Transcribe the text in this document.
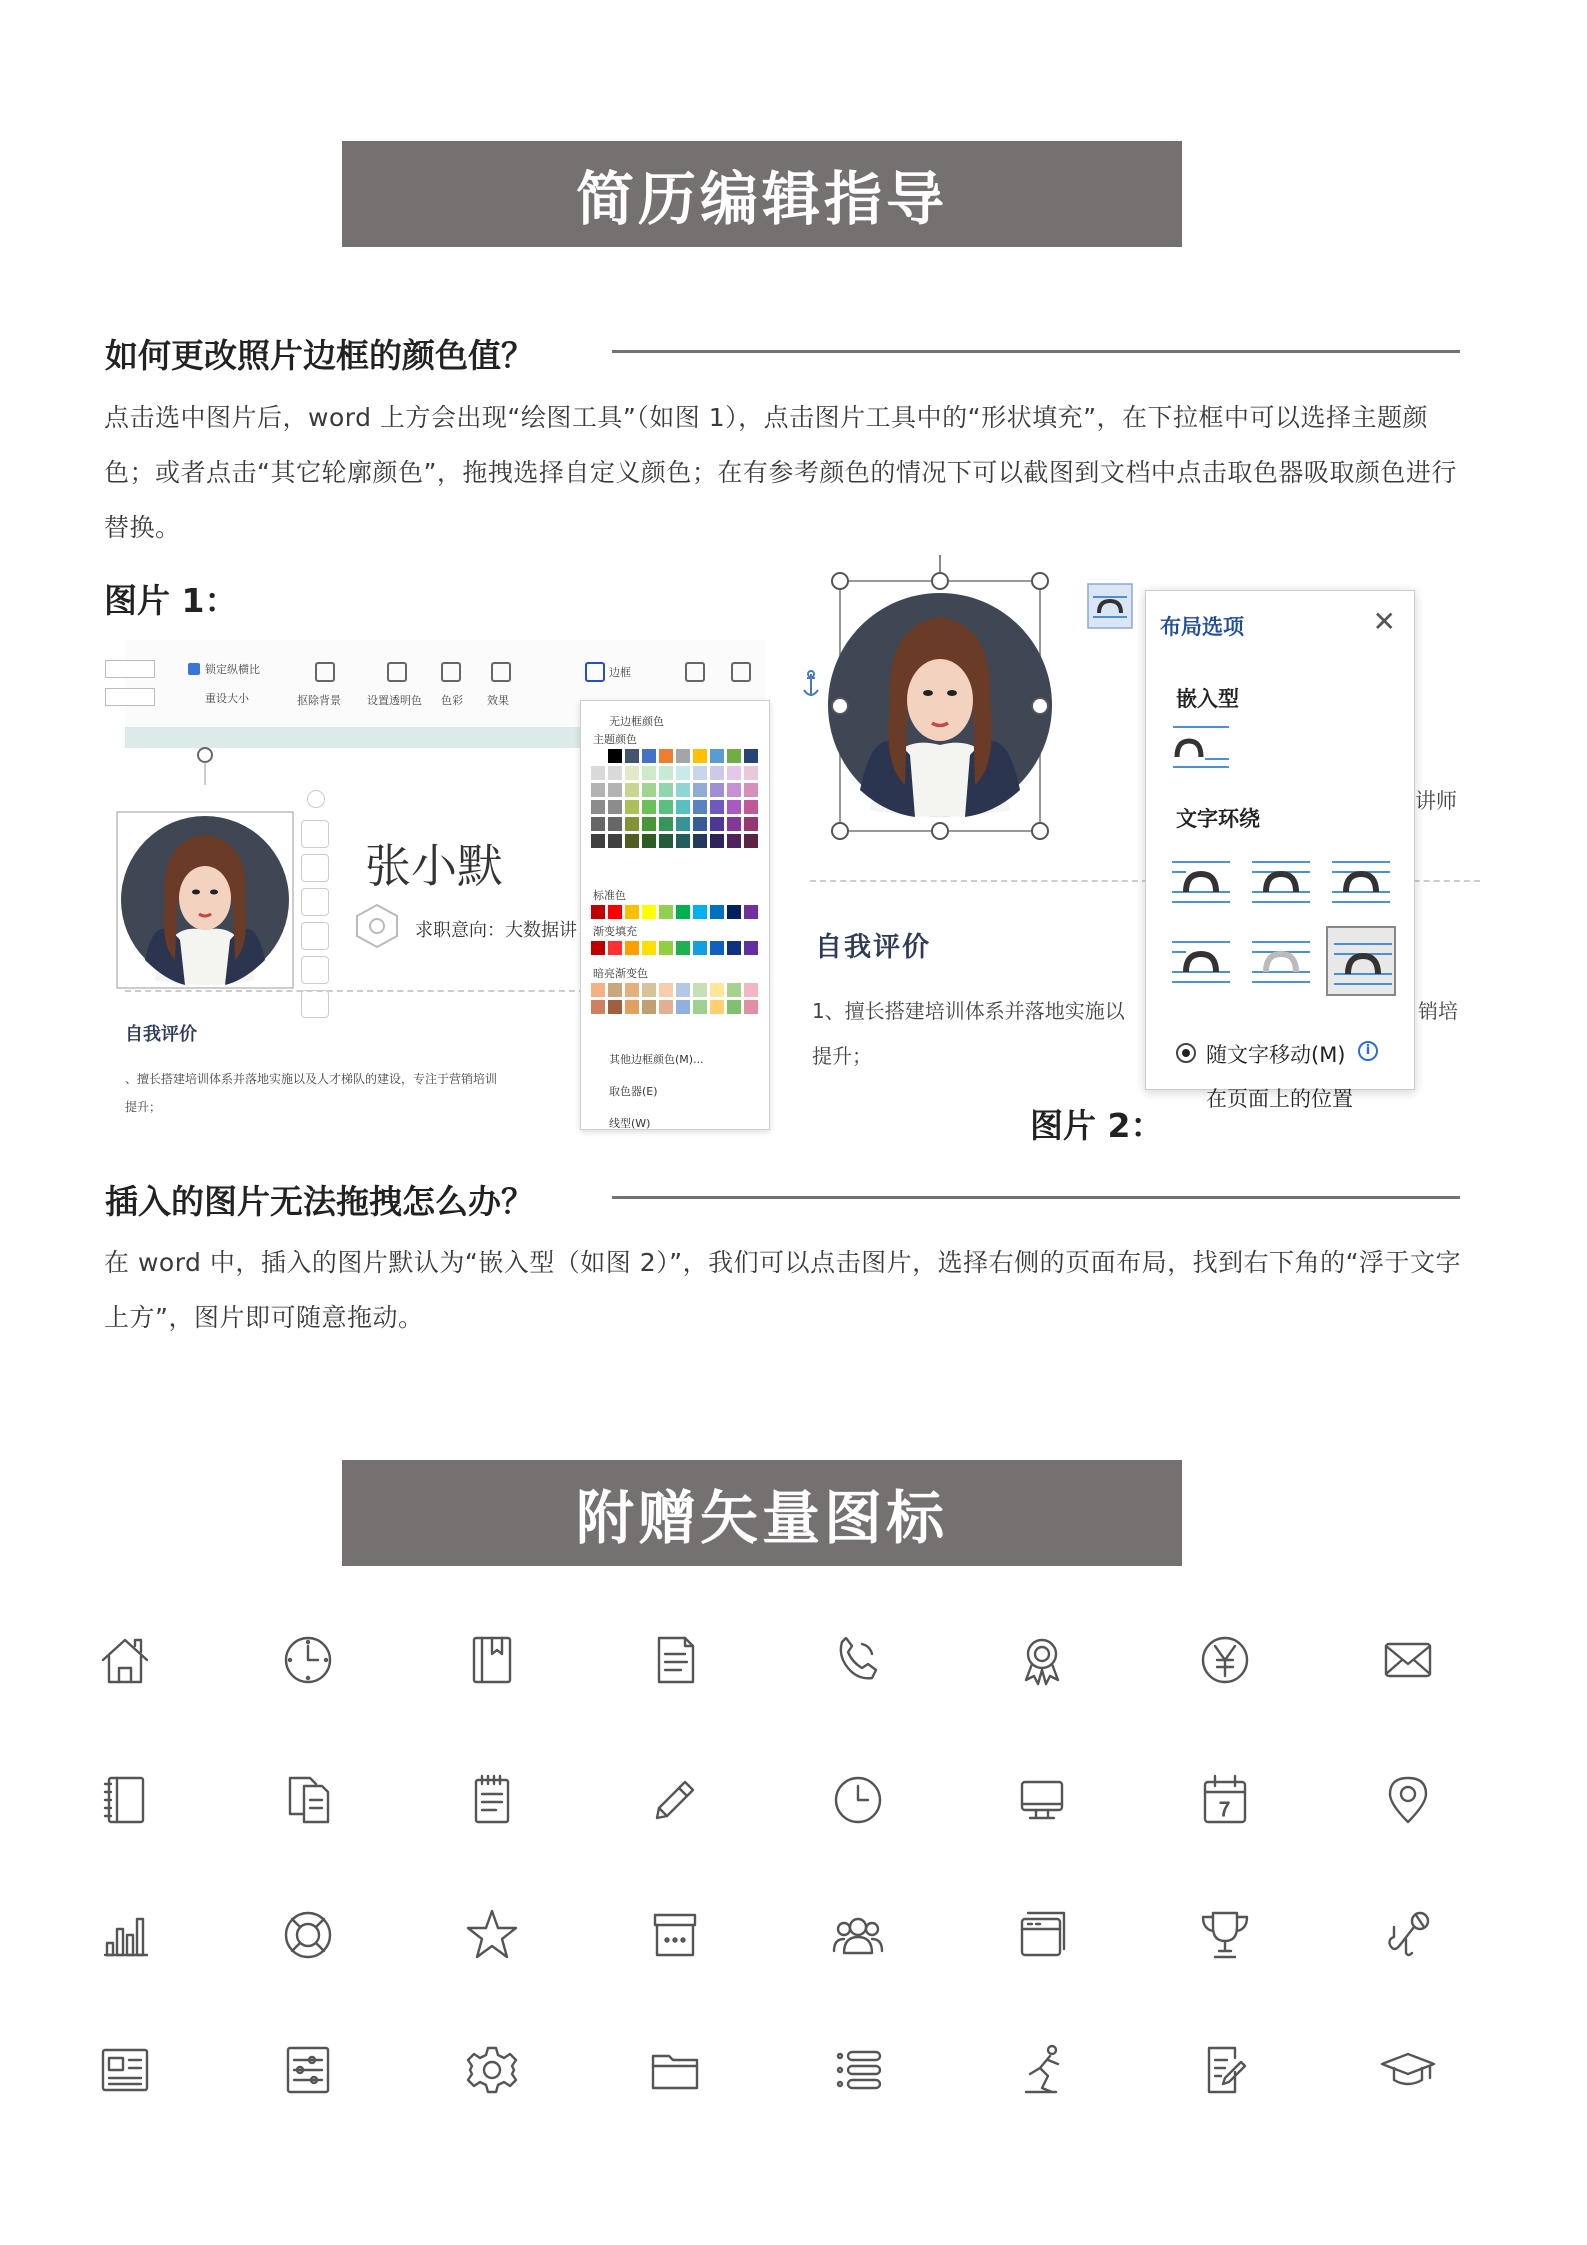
简历编辑指导
如何更改照片边框的颜色值？
点击选中图片后，word 上方会出现“绘图工具”（如图 1），点击图片工具中的“形状填充”，在下拉框中可以选择主题颜色；或者点击“其它轮廓颜色”，拖拽选择自定义颜色；在有参考颜色的情况下可以截图到文档中点击取色器吸取颜色进行替换。
图片 1：
锁定纵横比
重设大小	抠除背景 设置透明色 色彩 效果
边框
张小默
求职意向：大数据讲
自我评价
、擅长搭建培训体系并落地实施以及人才梯队的建设，专注于营销培训
提升；
无边框颜色
主题颜色
标准色
渐变填充
暗亮渐变色
其他边框颜色(M)...
取色器(E)
线型(W)
自我评价
1、擅长搭建培训体系并落地实施以
提升；
讲师
销培
布局选项	✕
嵌入型
文字环绕
随文字移动(M)	i
在页面上的位置
图片 2：
插入的图片无法拖拽怎么办？
在 word 中，插入的图片默认为“嵌入型（如图 2）”，我们可以点击图片，选择右侧的页面布局，找到右下角的“浮于文字上方”，图片即可随意拖动。
附赠矢量图标
7
